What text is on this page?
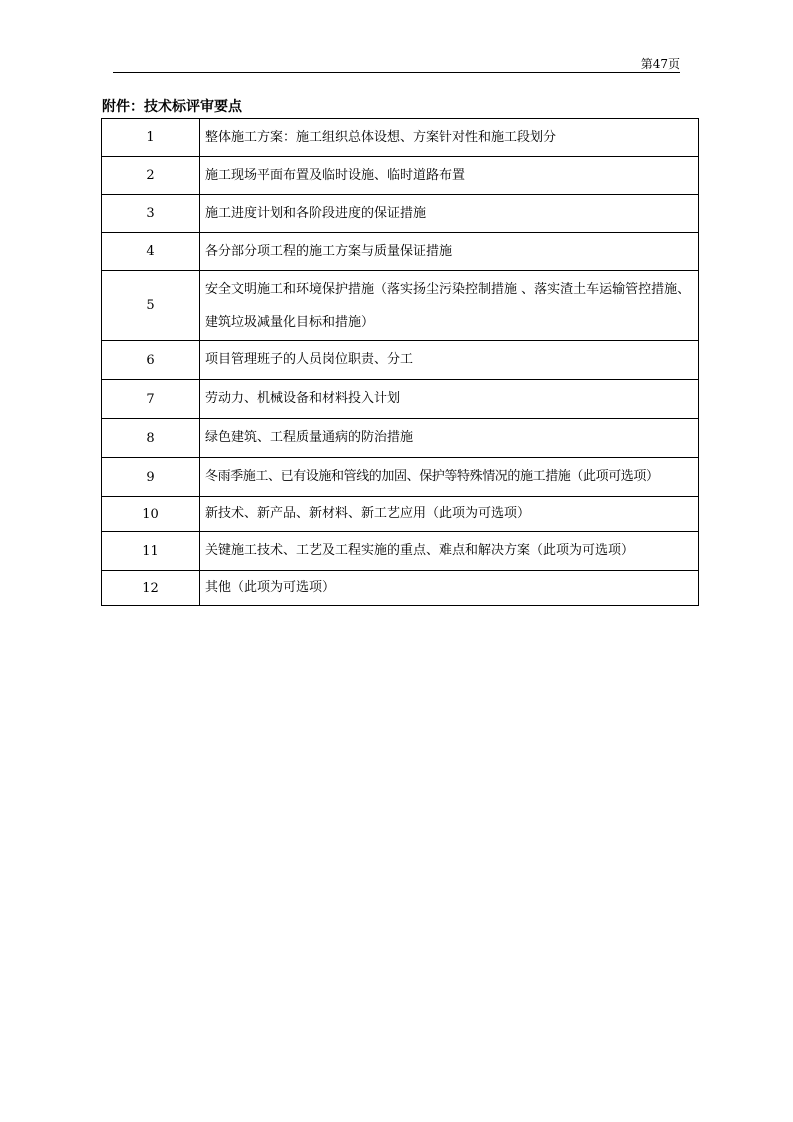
第47页
附件：技术标评审要点
1	整体施工方案：施工组织总体设想、方案针对性和施工段划分
2	施工现场平面布置及临时设施、临时道路布置
3	施工进度计划和各阶段进度的保证措施
4	各分部分项工程的施工方案与质量保证措施
5	安全文明施工和环境保护措施（落实扬尘污染控制措施 、落实渣土车运输管控措施、建筑垃圾减量化目标和措施）
6	项目管理班子的人员岗位职责、分工
7	劳动力、机械设备和材料投入计划
8	绿色建筑、工程质量通病的防治措施
9	冬雨季施工、已有设施和管线的加固、保护等特殊情况的施工措施（此项可选项）
10	新技术、新产品、新材料、新工艺应用（此项为可选项）
11	关键施工技术、工艺及工程实施的重点、难点和解决方案（此项为可选项）
12	其他（此项为可选项）
